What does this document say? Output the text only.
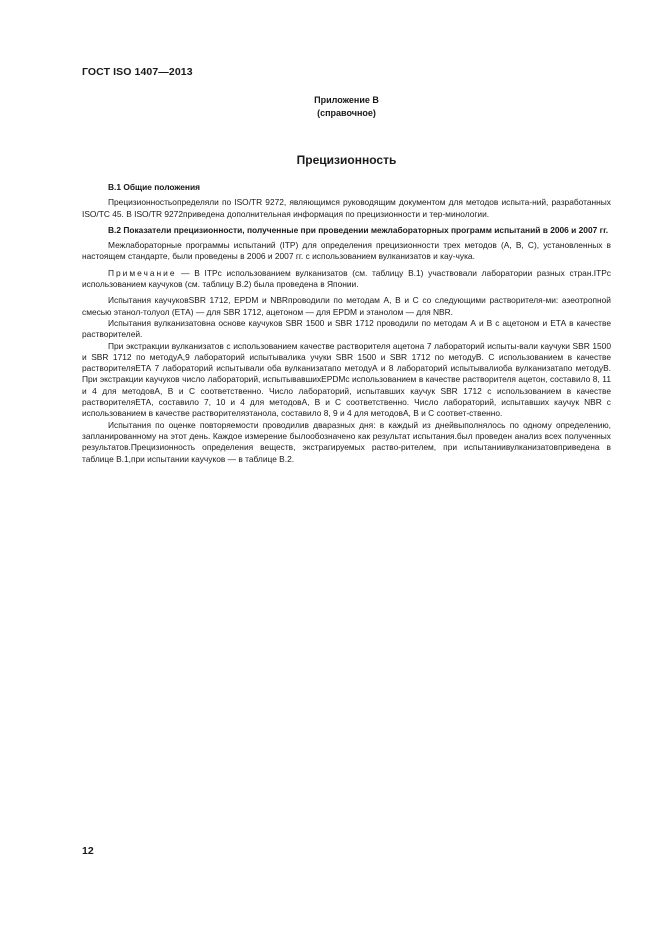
ГОСТ ISO 1407—2013
Приложение В
(справочное)
Прецизионность
В.1 Общие положения

Прецизионностьопределяли по ISO/TR 9272, являющимся руководящим документом для методов испыта-ний, разработанных ISO/TC 45. В ISO/TR 9272приведена дополнительная информация по прецизионности и тер-минологии.

В.2 Показатели прецизионности, полученные при проведении межлабораторных программ испытаний в 2006 и 2007 гг.

Межлабораторные программы испытаний (ITP) для определения прецизионности трех методов (А, В, С), установленных в настоящем стандарте, были проведены в 2006 и 2007 гг. с использованием вулканизатов и кау-чука.

Примечание — В ITPс использованием вулканизатов (см. таблицу В.1) участвовали лаборатории разных стран.ITPс использованием каучуков (см. таблицу В.2) была проведена в Японии.

Испытания каучуковSBR 1712, EPDM и NBRпроводили по методам А, В и С со следующими растворителя-ми: азеотропной смесью этанол-толуол (ЕТА) — для SBR 1712, ацетоном — для EPDM и этанолом — для NBR.

Испытания вулканизатовна основе каучуков SBR 1500 и SBR 1712 проводили по методам А и В с ацетоном и ЕТА в качестве растворителей.

При экстракции вулканизатов с использованием качестве растворителя ацетона 7 лабораторий испыты-вали каучуки SBR 1500 и SBR 1712 по методуА,9 лабораторий испытывалика учуки SBR 1500 и SBR 1712 по методуВ. С использованием в качестве растворителяЕТА 7 лабораторий испытывали оба вулканизатапо методуА и 8 лабораторий испытывалиоба вулканизатапо методуВ. При экстракции каучуков число лабораторий, испытывавшихEPDMс использованием в качестве растворителя ацетон, составило 8, 11 и 4 для методовА, В и С соответственно. Число лабораторий, испытавших каучук SBR 1712 с использованием в качестве растворителяЕТА, составило 7, 10 и 4 для методовА, В и С соответственно. Число лабораторий, испытавших каучук NBR с использованием в качестве растворителяэтанола, составило 8, 9 и 4 для методовА, В и С соответ-ственно.

Испытания по оценке повторяемости проводилив дваразных дня: в каждый из днейвыполнялось по одному определению, запланированному на этот день. Каждое измерение былообозначено как результат испытания.был проведен анализ всех полученных результатов.Прецизионность определения веществ, экстрагируемых раство-рителем, при испытаниивулканизатовприведена в таблице В.1,при испытании каучуков — в таблице В.2.

12
